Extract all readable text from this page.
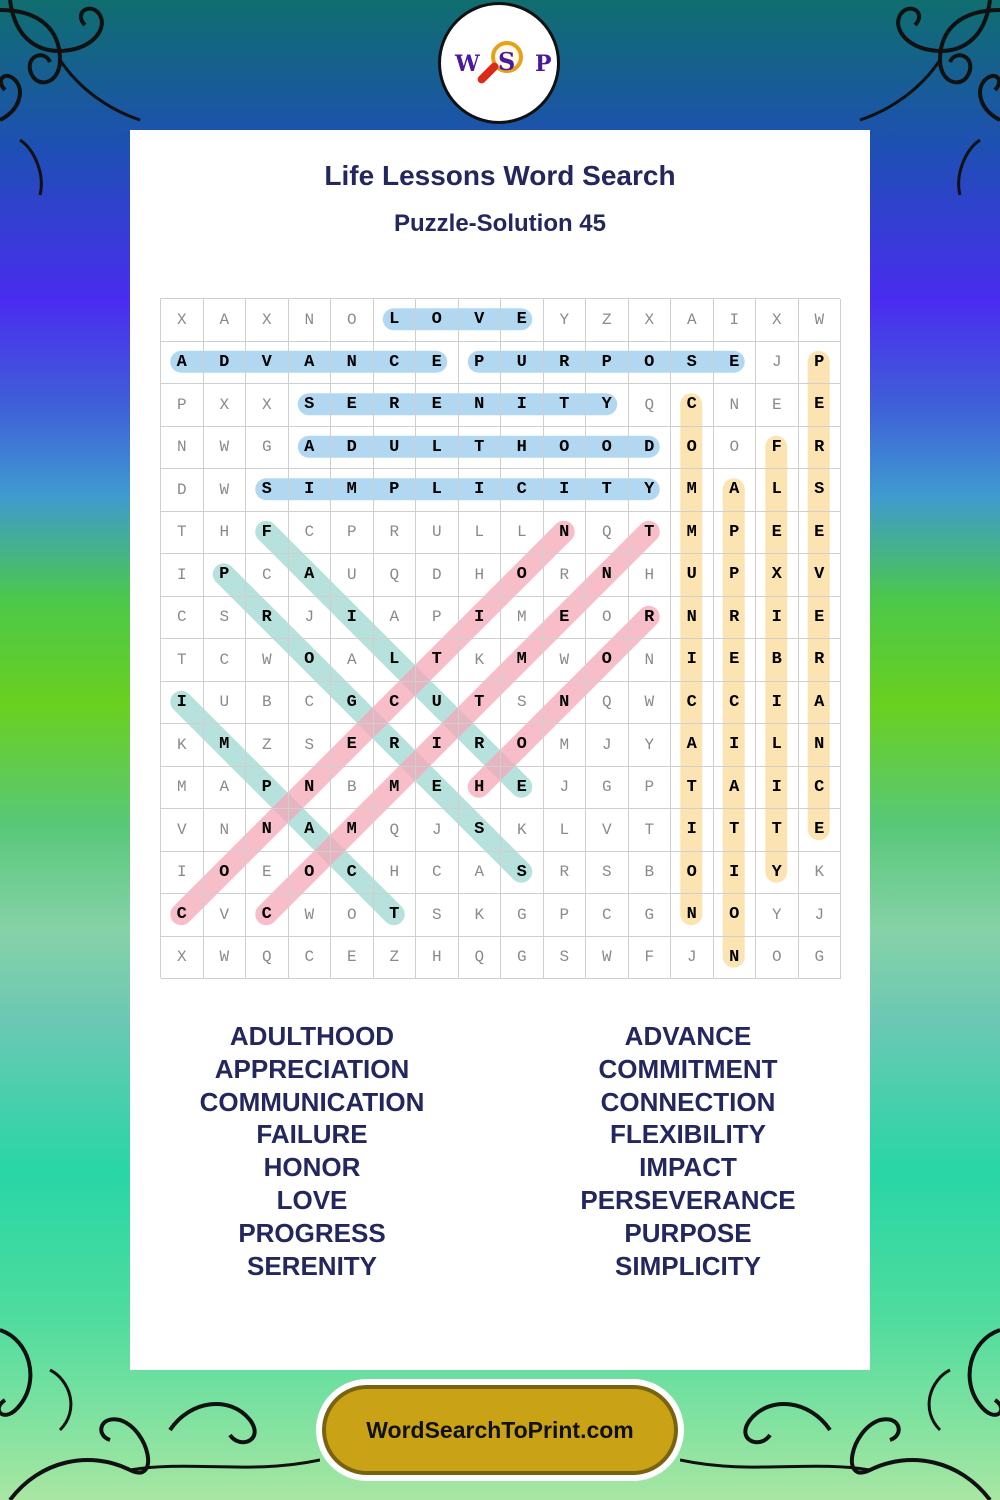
W S P
Life Lessons Word Search
Puzzle-Solution 45
X	A	X	N	O	L	O	V	E	Y	Z	X	A	I	X	W
A	D	V	A	N	C	E	P	U	R	P	O	S	E	J	P
P	X	X	S	E	R	E	N	I	T	Y	Q	C	N	E	E
N	W	G	A	D	U	L	T	H	O	O	D	O	O	F	R
D	W	S	I	M	P	L	I	C	I	T	Y	M	A	L	S
T	H	F	C	P	R	U	L	L	N	Q	T	M	P	E	E
I	P	C	A	U	Q	D	H	O	R	N	H	U	P	X	V
C	S	R	J	I	A	P	I	M	E	O	R	N	R	I	E
T	C	W	O	A	L	T	K	M	W	O	N	I	E	B	R
I	U	B	C	G	C	U	T	S	N	Q	W	C	C	I	A
K	M	Z	S	E	R	I	R	O	M	J	Y	A	I	L	N
M	A	P	N	B	M	E	H	E	J	G	P	T	A	I	C
V	N	N	A	M	Q	J	S	K	L	V	T	I	T	T	E
I	O	E	O	C	H	C	A	S	R	S	B	O	I	Y	K
C	V	C	W	O	T	S	K	G	P	C	G	N	O	Y	J
X	W	Q	C	E	Z	H	Q	G	S	W	F	J	N	O	G
ADULTHOOD
APPRECIATION
COMMUNICATION
FAILURE
HONOR
LOVE
PROGRESS
SERENITY
ADVANCE
COMMITMENT
CONNECTION
FLEXIBILITY
IMPACT
PERSEVERANCE
PURPOSE
SIMPLICITY
WordSearchToPrint.com
